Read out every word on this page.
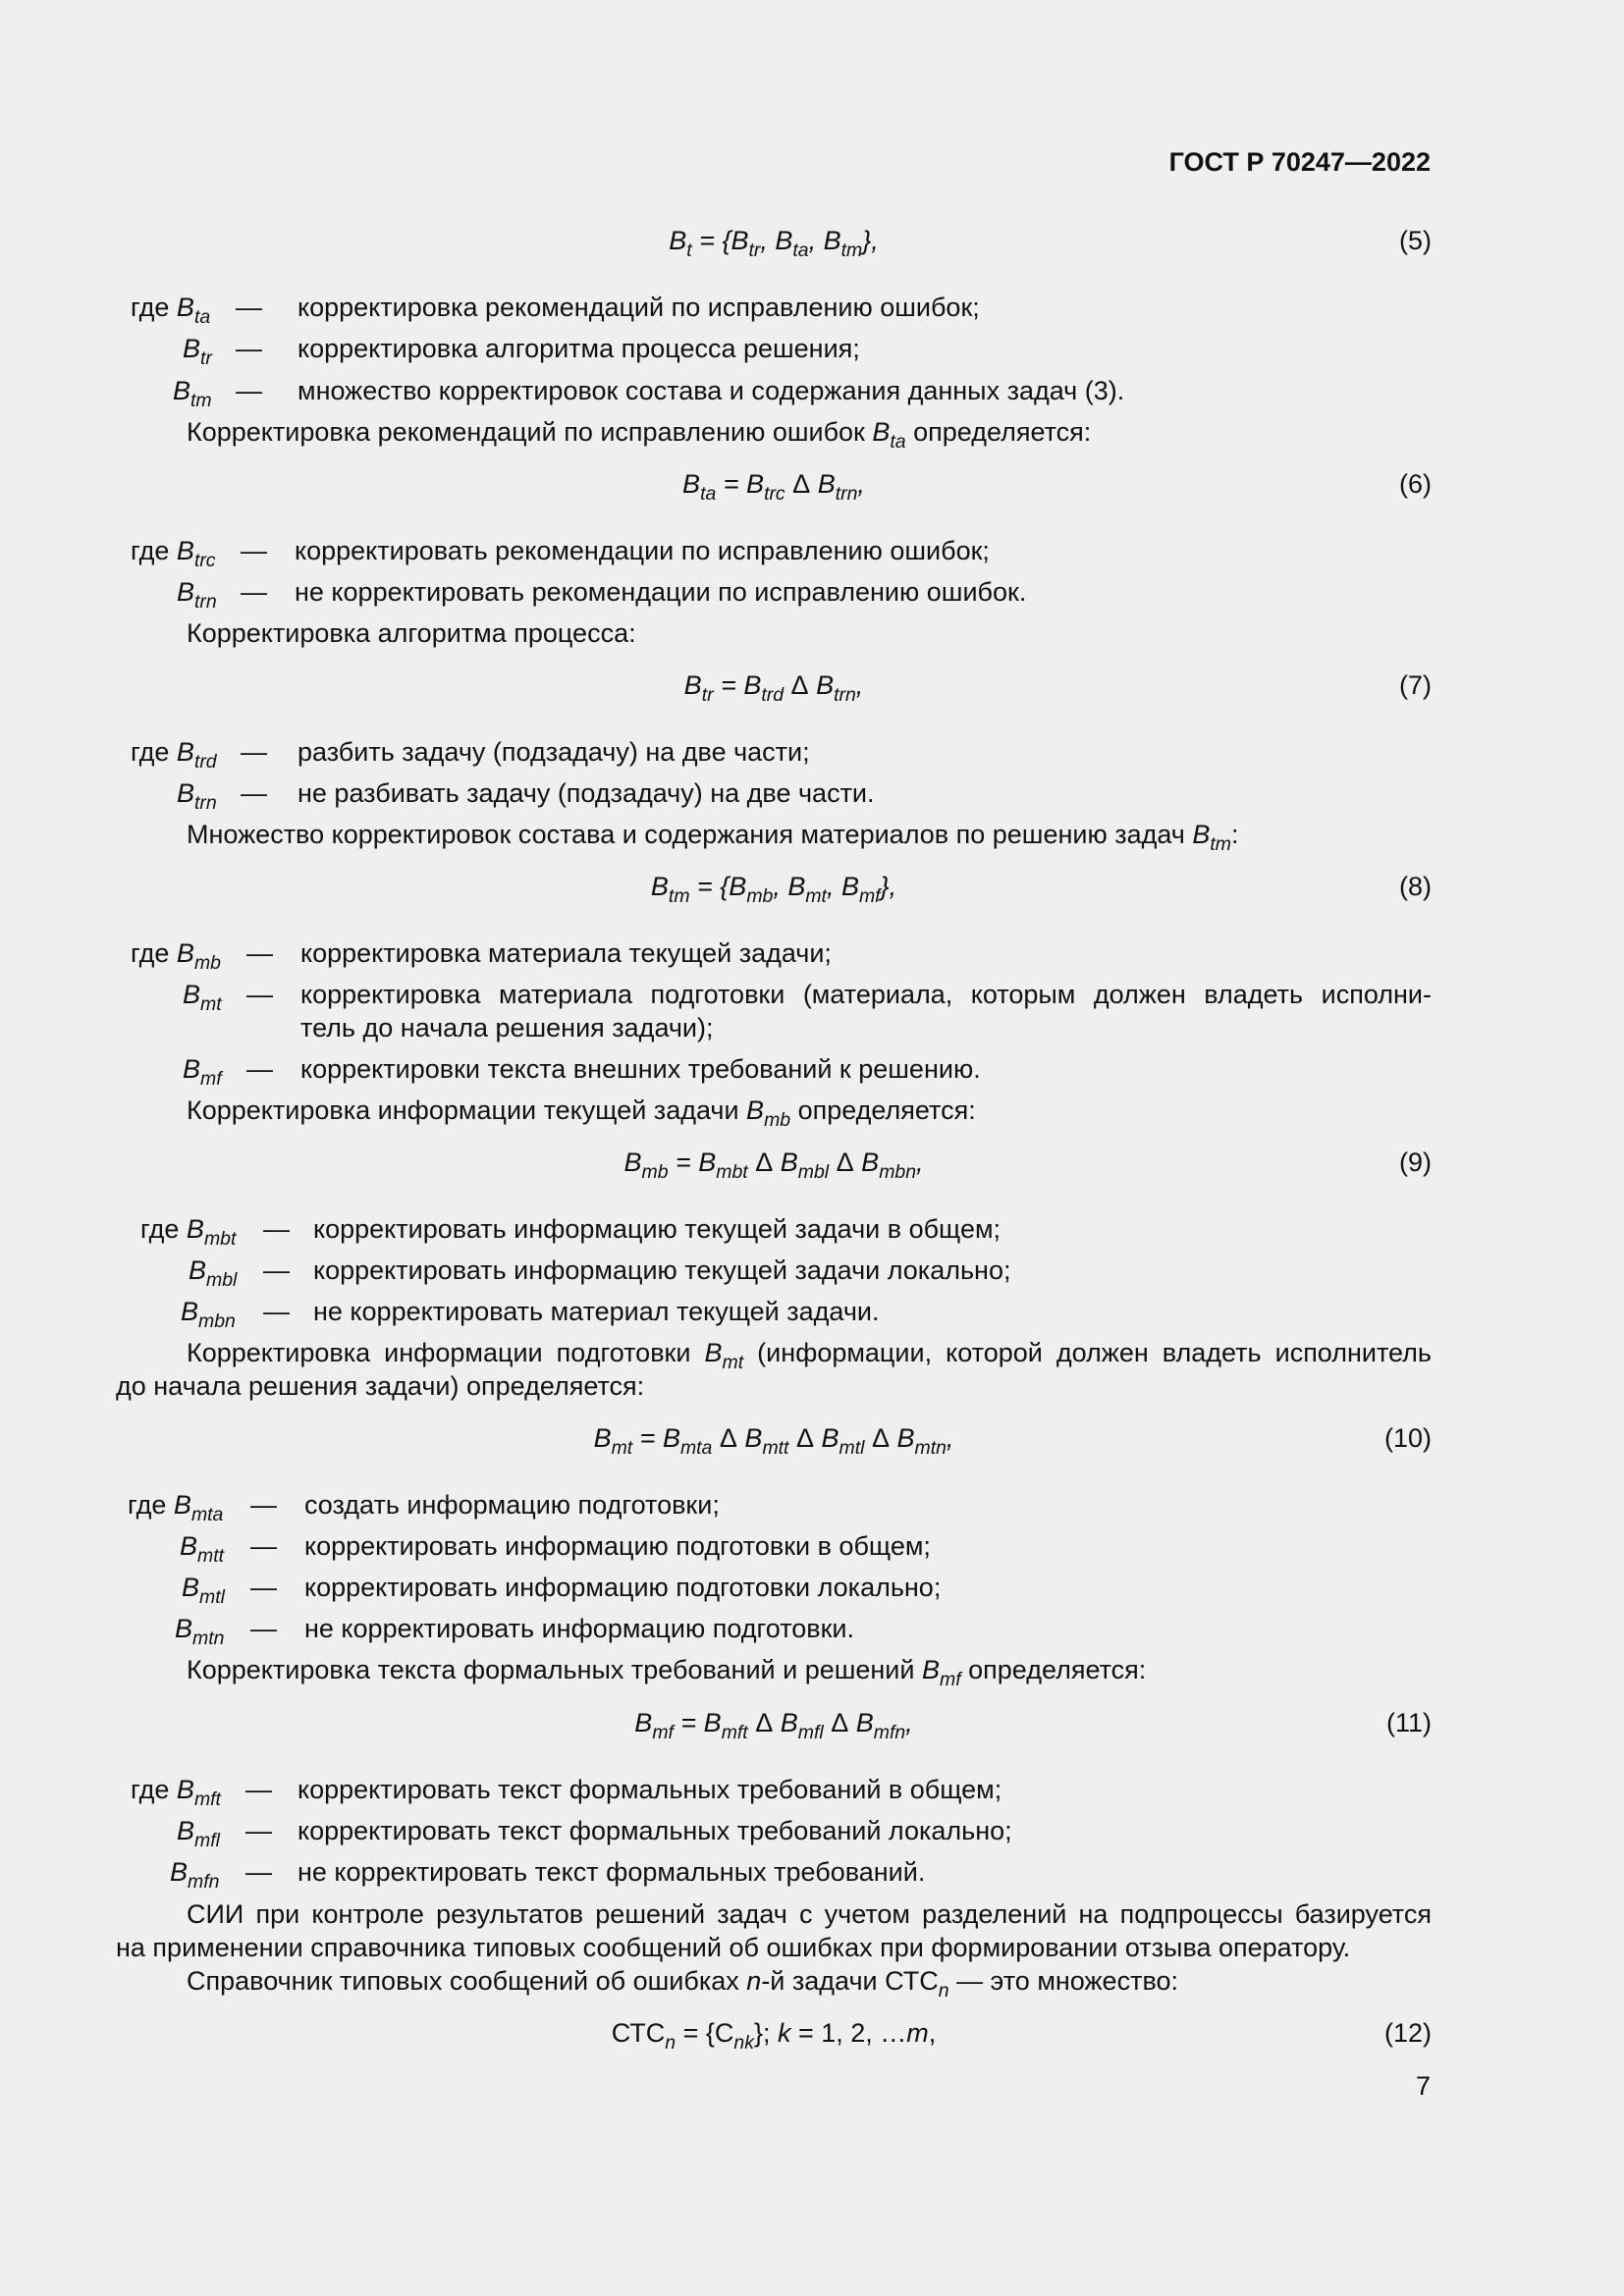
ГОСТ Р 70247—2022
$B_t = \{B_{tr}$, $B_{ta}$, $B_{tm}$},	(5)
где $B_{ta}$ — корректировка рекомендаций по исправлению ошибок;
$B_{tr}$ — корректировка алгоритма процесса решения;
$B_{tm}$ — множество корректировок состава и содержания данных задач (3).
Корректировка рекомендаций по исправлению ошибок $B_{ta}$ определяется:
$B_{ta} = B_{trc}$ Δ $B_{trn}$,	(6)
где $B_{trc}$ — корректировать рекомендации по исправлению ошибок;
$B_{trn}$ — не корректировать рекомендации по исправлению ошибок.
Корректировка алгоритма процесса:
$B_{tr} = B_{trd}$ Δ $B_{trn}$,	(7)
где $B_{trd}$ — разбить задачу (подзадачу) на две части;
$B_{trn}$ — не разбивать задачу (подзадачу) на две части.
Множество корректировок состава и содержания материалов по решению задач $B_{tm}$:
$B_{tm} = \{B_{mb}$, $B_{mt}$, $B_{mf}$},	(8)
где $B_{mb}$ — корректировка материала текущей задачи;
$B_{mt}$ — корректировка материала подготовки (материала, которым должен владеть исполни-
тель до начала решения задачи);
$B_{mf}$ — корректировки текста внешних требований к решению.
Корректировка информации текущей задачи $B_{mb}$ определяется:
$B_{mb} = B_{mbt}$ Δ $B_{mbl}$ Δ $B_{mbn}$,	(9)
где $B_{mbt}$ — корректировать информацию текущей задачи в общем;
$B_{mbl}$ — корректировать информацию текущей задачи локально;
$B_{mbn}$ — не корректировать материал текущей задачи.
Корректировка информации подготовки $B_{mt}$ (информации, которой должен владеть исполнитель
до начала решения задачи) определяется:
$B_{mt} = B_{mta}$ Δ $B_{mtt}$ Δ $B_{mtl}$ Δ $B_{mtn}$,	(10)
где $B_{mta}$ — создать информацию подготовки;
$B_{mtt}$ — корректировать информацию подготовки в общем;
$B_{mtl}$ — корректировать информацию подготовки локально;
$B_{mtn}$ — не корректировать информацию подготовки.
Корректировка текста формальных требований и решений $B_{mf}$ определяется:
$B_{mf} = B_{mft}$ Δ $B_{mfl}$ Δ $B_{mfn}$,	(11)
где $B_{mft}$ — корректировать текст формальных требований в общем;
$B_{mfl}$ — корректировать текст формальных требований локально;
$B_{mfn}$ — не корректировать текст формальных требований.
СИИ при контроле результатов решений задач с учетом разделений на подпроцессы базируется
на применении справочника типовых сообщений об ошибках при формировании отзыва оператору.
Справочник типовых сообщений об ошибках n-й задачи $СТС_n$ — это множество:
$СТС_n = \{С_{nk}\}$; k = 1, 2, …m,	(12)
7
